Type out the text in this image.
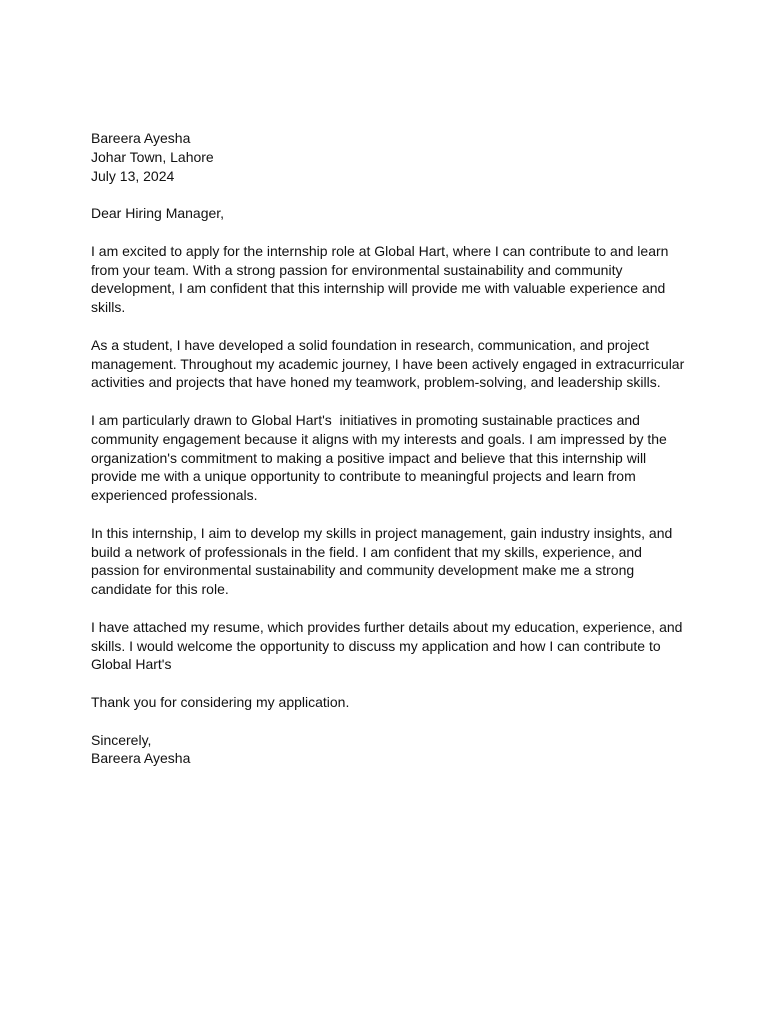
Bareera Ayesha

Johar Town, Lahore

July 13, 2024

Dear Hiring Manager,

I am excited to apply for the internship role at Global Hart, where I can contribute to and learn

from your team. With a strong passion for environmental sustainability and community

development, I am confident that this internship will provide me with valuable experience and

skills.

As a student, I have developed a solid foundation in research, communication, and project

management. Throughout my academic journey, I have been actively engaged in extracurricular

activities and projects that have honed my teamwork, problem-solving, and leadership skills.

I am particularly drawn to Global Hart's  initiatives in promoting sustainable practices and

community engagement because it aligns with my interests and goals. I am impressed by the

organization's commitment to making a positive impact and believe that this internship will

provide me with a unique opportunity to contribute to meaningful projects and learn from

experienced professionals.

In this internship, I aim to develop my skills in project management, gain industry insights, and

build a network of professionals in the field. I am confident that my skills, experience, and

passion for environmental sustainability and community development make me a strong

candidate for this role.

I have attached my resume, which provides further details about my education, experience, and

skills. I would welcome the opportunity to discuss my application and how I can contribute to

Global Hart's

Thank you for considering my application.

Sincerely,

Bareera Ayesha
